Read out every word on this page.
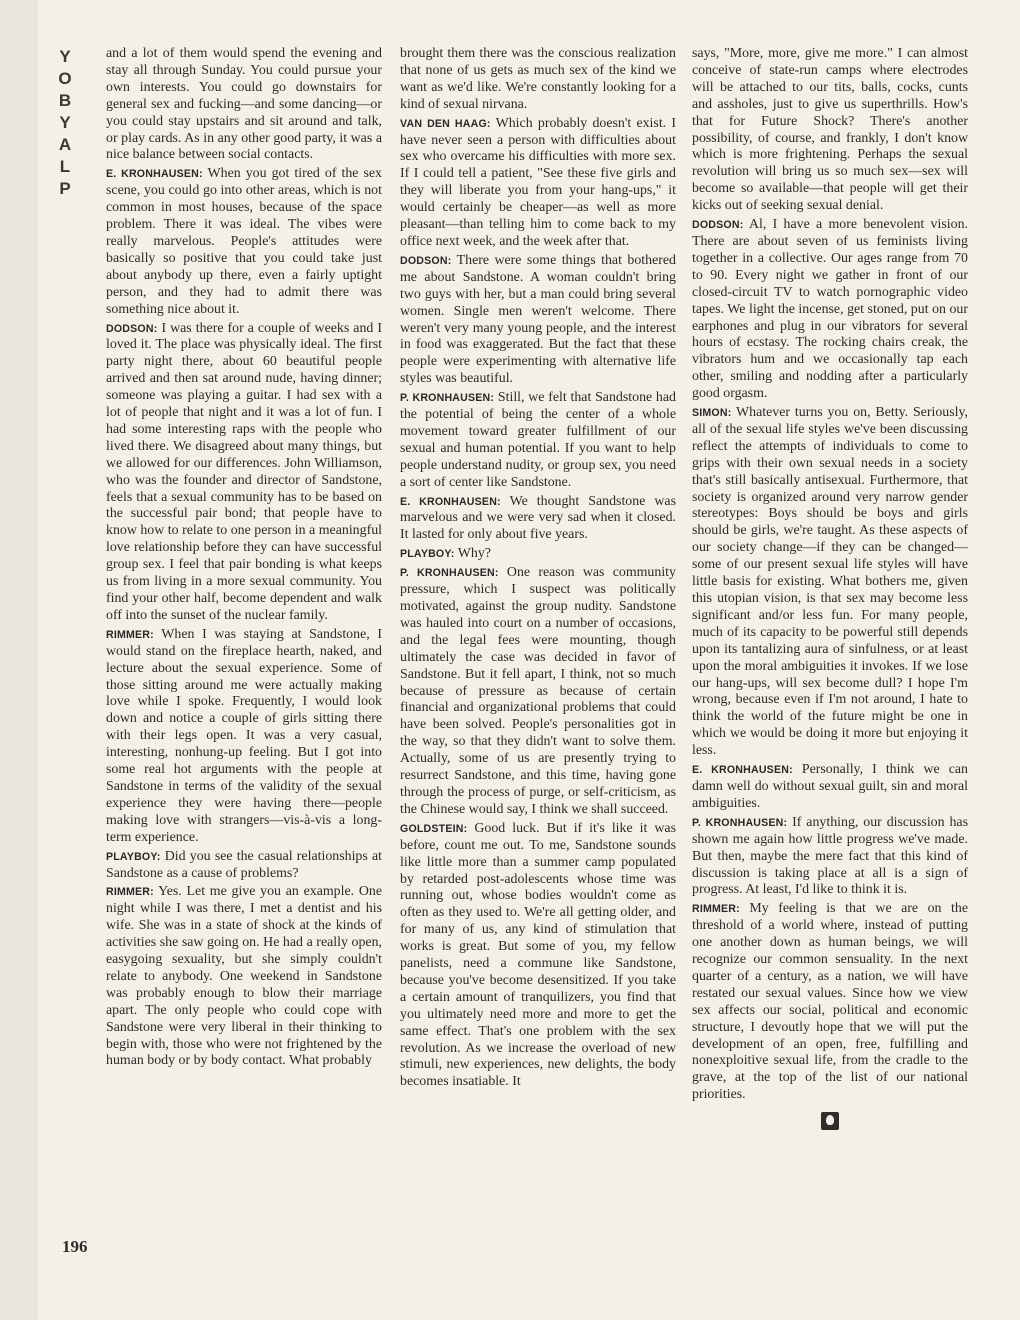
Y
O
B
Y
A
L
P

and a lot of them would spend the evening and stay all through Sunday. You could pursue your own interests. You could go downstairs for general sex and fucking—and some dancing—or you could stay upstairs and sit around and talk, or play cards. As in any other good party, it was a nice balance between social contacts.

E. KRONHAUSEN: When you got tired of the sex scene, you could go into other areas, which is not common in most houses, because of the space problem. There it was ideal. The vibes were really marvelous. People's attitudes were basically so positive that you could take just about anybody up there, even a fairly uptight person, and they had to admit there was something nice about it.

DODSON: I was there for a couple of weeks and I loved it. The place was physically ideal. The first party night there, about 60 beautiful people arrived and then sat around nude, having dinner; someone was playing a guitar. I had sex with a lot of people that night and it was a lot of fun. I had some interesting raps with the people who lived there. We disagreed about many things, but we allowed for our differences. John Williamson, who was the founder and director of Sandstone, feels that a sexual community has to be based on the successful pair bond; that people have to know how to relate to one person in a meaningful love relationship before they can have successful group sex. I feel that pair bonding is what keeps us from living in a more sexual community. You find your other half, become dependent and walk off into the sunset of the nuclear family.

RIMMER: When I was staying at Sandstone, I would stand on the fireplace hearth, naked, and lecture about the sexual experience. Some of those sitting around me were actually making love while I spoke. Frequently, I would look down and notice a couple of girls sitting there with their legs open. It was a very casual, interesting, nonhung-up feeling. But I got into some real hot arguments with the people at Sandstone in terms of the validity of the sexual experience they were having there—people making love with strangers—vis-à-vis a long-term experience.

PLAYBOY: Did you see the casual relationships at Sandstone as a cause of problems?

RIMMER: Yes. Let me give you an example. One night while I was there, I met a dentist and his wife. She was in a state of shock at the kinds of activities she saw going on. He had a really open, easygoing sexuality, but she simply couldn't relate to anybody. One weekend in Sandstone was probably enough to blow their marriage apart. The only people who could cope with Sandstone were very liberal in their thinking to begin with, those who were not frightened by the human body or by body contact. What probably

brought them there was the conscious realization that none of us gets as much sex of the kind we want as we'd like. We're constantly looking for a kind of sexual nirvana.

VAN DEN HAAG: Which probably doesn't exist. I have never seen a person with difficulties about sex who overcame his difficulties with more sex. If I could tell a patient, "See these five girls and they will liberate you from your hang-ups," it would certainly be cheaper—as well as more pleasant—than telling him to come back to my office next week, and the week after that.

DODSON: There were some things that bothered me about Sandstone. A woman couldn't bring two guys with her, but a man could bring several women. Single men weren't welcome. There weren't very many young people, and the interest in food was exaggerated. But the fact that these people were experimenting with alternative life styles was beautiful.

P. KRONHAUSEN: Still, we felt that Sandstone had the potential of being the center of a whole movement toward greater fulfillment of our sexual and human potential. If you want to help people understand nudity, or group sex, you need a sort of center like Sandstone.

E. KRONHAUSEN: We thought Sandstone was marvelous and we were very sad when it closed. It lasted for only about five years.

PLAYBOY: Why?

P. KRONHAUSEN: One reason was community pressure, which I suspect was politically motivated, against the group nudity. Sandstone was hauled into court on a number of occasions, and the legal fees were mounting, though ultimately the case was decided in favor of Sandstone. But it fell apart, I think, not so much because of pressure as because of certain financial and organizational problems that could have been solved. People's personalities got in the way, so that they didn't want to solve them. Actually, some of us are presently trying to resurrect Sandstone, and this time, having gone through the process of purge, or self-criticism, as the Chinese would say, I think we shall succeed.

GOLDSTEIN: Good luck. But if it's like it was before, count me out. To me, Sandstone sounds like little more than a summer camp populated by retarded post-adolescents whose time was running out, whose bodies wouldn't come as often as they used to. We're all getting older, and for many of us, any kind of stimulation that works is great. But some of you, my fellow panelists, need a commune like Sandstone, because you've become desensitized. If you take a certain amount of tranquilizers, you find that you ultimately need more and more to get the same effect. That's one problem with the sex revolution. As we increase the overload of new stimuli, new experiences, new delights, the body becomes insatiable. It

says, "More, more, give me more." I can almost conceive of state-run camps where electrodes will be attached to our tits, balls, cocks, cunts and assholes, just to give us superthrills. How's that for Future Shock? There's another possibility, of course, and frankly, I don't know which is more frightening. Perhaps the sexual revolution will bring us so much sex—sex will become so available—that people will get their kicks out of seeking sexual denial.

DODSON: Al, I have a more benevolent vision. There are about seven of us feminists living together in a collective. Our ages range from 70 to 90. Every night we gather in front of our closed-circuit TV to watch pornographic video tapes. We light the incense, get stoned, put on our earphones and plug in our vibrators for several hours of ecstasy. The rocking chairs creak, the vibrators hum and we occasionally tap each other, smiling and nodding after a particularly good orgasm.

SIMON: Whatever turns you on, Betty. Seriously, all of the sexual life styles we've been discussing reflect the attempts of individuals to come to grips with their own sexual needs in a society that's still basically antisexual. Furthermore, that society is organized around very narrow gender stereotypes: Boys should be boys and girls should be girls, we're taught. As these aspects of our society change—if they can be changed—some of our present sexual life styles will have little basis for existing. What bothers me, given this utopian vision, is that sex may become less significant and/or less fun. For many people, much of its capacity to be powerful still depends upon its tantalizing aura of sinfulness, or at least upon the moral ambiguities it invokes. If we lose our hang-ups, will sex become dull? I hope I'm wrong, because even if I'm not around, I hate to think the world of the future might be one in which we would be doing it more but enjoying it less.

E. KRONHAUSEN: Personally, I think we can damn well do without sexual guilt, sin and moral ambiguities.

P. KRONHAUSEN: If anything, our discussion has shown me again how little progress we've made. But then, maybe the mere fact that this kind of discussion is taking place at all is a sign of progress. At least, I'd like to think it is.

RIMMER: My feeling is that we are on the threshold of a world where, instead of putting one another down as human beings, we will recognize our common sensuality. In the next quarter of a century, as a nation, we will have restated our sexual values. Since how we view sex affects our social, political and economic structure, I devoutly hope that we will put the development of an open, free, fulfilling and nonexploitive sexual life, from the cradle to the grave, at the top of the list of our national priorities.

196
